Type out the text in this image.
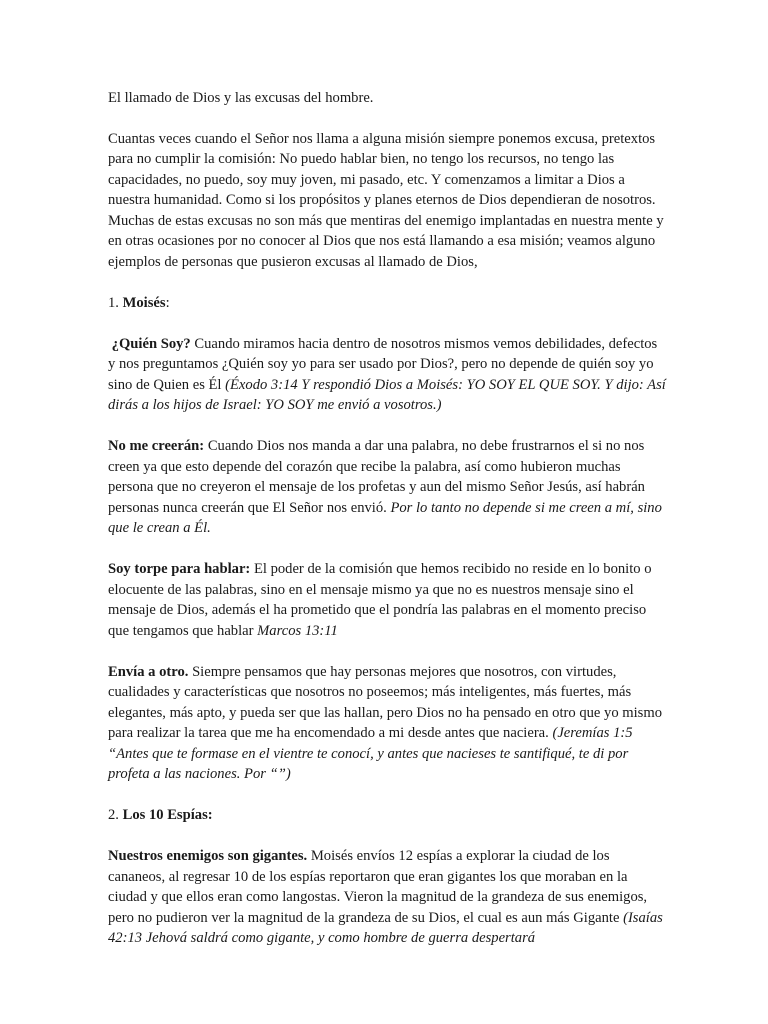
El llamado de Dios y las excusas del hombre.

Cuantas veces cuando el Señor nos llama a alguna misión siempre ponemos excusa, pretextos para no cumplir la comisión: No puedo hablar bien, no tengo los recursos, no tengo las capacidades, no puedo, soy muy joven, mi pasado, etc. Y comenzamos a limitar a Dios a nuestra humanidad. Como si los propósitos y planes eternos de Dios dependieran de nosotros. Muchas de estas excusas no son más que mentiras del enemigo implantadas en nuestra mente y en otras ocasiones por no conocer al Dios que nos está llamando a esa misión; veamos alguno ejemplos de personas que pusieron excusas al llamado de Dios,

1. Moisés:

¿Quién Soy? Cuando miramos hacia dentro de nosotros mismos vemos debilidades, defectos y nos preguntamos ¿Quién soy yo para ser usado por Dios?, pero no depende de quién soy yo sino de Quien es Él (Éxodo 3:14 Y respondió Dios a Moisés: YO SOY EL QUE SOY. Y dijo: Así dirás a los hijos de Israel: YO SOY me envió a vosotros.)

No me creerán: Cuando Dios nos manda a dar una palabra, no debe frustrarnos el si no nos creen ya que esto depende del corazón que recibe la palabra, así como hubieron muchas persona que no creyeron el mensaje de los profetas y aun del mismo Señor Jesús, así habrán personas nunca creerán que El Señor nos envió. Por lo tanto no depende si me creen a mí, sino que le crean a Él.

Soy torpe para hablar: El poder de la comisión que hemos recibido no reside en lo bonito o elocuente de las palabras, sino en el mensaje mismo ya que no es nuestros mensaje sino el mensaje de Dios, además el ha prometido que el pondría las palabras en el momento preciso que tengamos que hablar Marcos 13:11

Envía a otro. Siempre pensamos que hay personas mejores que nosotros, con virtudes, cualidades y características que nosotros no poseemos; más inteligentes, más fuertes, más elegantes, más apto, y pueda ser que las hallan, pero Dios no ha pensado en otro que yo mismo para realizar la tarea que me ha encomendado a mi desde antes que naciera. (Jeremías 1:5 “Antes que te formase en el vientre te conocí, y antes que nacieses te santifiqué, te di por profeta a las naciones. Por “”)

2. Los 10 Espías:

Nuestros enemigos son gigantes. Moisés envíos 12 espías a explorar la ciudad de los cananeos, al regresar 10 de los espías reportaron que eran gigantes los que moraban en la ciudad y que ellos eran como langostas. Vieron la magnitud de la grandeza de sus enemigos, pero no pudieron ver la magnitud de la grandeza de su Dios, el cual es aun más Gigante (Isaías 42:13 Jehová saldrá como gigante, y como hombre de guerra despertará
